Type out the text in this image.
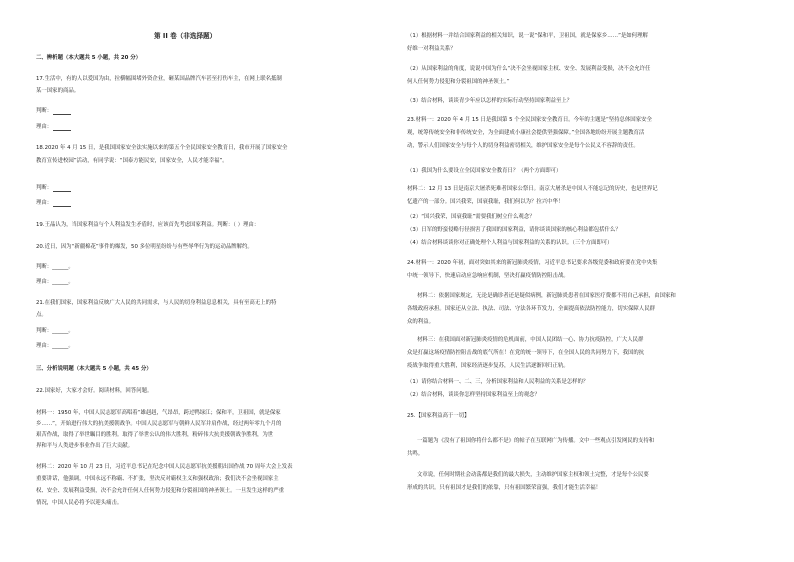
第 II 卷（非选择题）
二、辨析题（本大题共 5 小题，共 20 分）
17.生活中，有的人以爱国为由，拉横幅围堵外资企业，砸某国品牌汽车甚至打伤车主，在网上联名抵制
某一国家的商品。
判断：
理由：
18.2020 年 4 月 15 日，是我国国家安全法实施以来的第五个全民国家安全教育日，我市开展了国家安全
教育宣传进校园”活动，有同学说：“国泰方能民安，国家安全，人民才能幸福”。
判断：
理由：
19.王晶认为，当国家利益与个人利益发生矛盾时，应该首先考虑国家利益。判断：（ ）理由：
20.近日，因为“新疆棉花”事件的爆发，50 多位明星纷纷与有些辱华行为的运动品牌解约。
判断：______。
理由：______。
21.在我们国家，国家利益反映广大人民的共同需求，与人民的切身利益息息相关，具有至高无上的特
点。
判断：______。
理由：______。
三、分析说明题（本大题共 5 小题，共 45 分）
22.国家好，大家才会好。阅读材料，回答问题。
材料一：1950 年，中国人民志愿军高唱着“雄赳赳，气昂昂，跨过鸭绿江；保和平，卫祖国，就是保家
乡……”，开始进行伟大的抗美援朝战争。中国人民志愿军与朝鲜人民军并肩作战，经过两年零九个月的
艰苦作战，取得了举世瞩目的胜利。取得了举世公认的伟大胜利，粉碎伟大抗美援朝战争胜利，为世
界和平与人类进步事业作出了巨大贡献。
材料二：2020 年 10 月 23 日，习近平总书记在纪念中国人民志愿军抗美援朝出国作战 70 周年大会上发表
重要讲话，他强调，中国永远不称霸、不扩张，坚决反对霸权主义和强权政治；我们决不会坐视国家主
权、安全、发展利益受损，决不会允许任何人任何势力侵犯和分裂祖国的神圣领土。一旦发生这样的严重
情况，中国人民必将予以迎头痛击。
（1）根据材料一并结合国家利益的相关知识，说一说“保和平，卫祖国，就是保家乡……”是如何理解
好维一对利益关系？
（2）从国家利益的角度，说说中国为什么“决不会坐视国家主权、安全、发展利益受损，决不会允许任
何人任何势力侵犯和分裂祖国的神圣领土。”
（3）结合材料，谈谈青少年应以怎样的实际行动坚持国家利益至上？
23.材料一：2020 年 4 月 15 日是我国第 5 个全民国家安全教育日。今年的主题是“坚持总体国家安全
观，统筹传统安全和非传统安全，为全面建成小康社会提供坚强保障。”全国各地纷纷开展主题教育活
动，警示人们国家安全与每个人的切身利益密切相关，维护国家安全是每个公民义不容辞的责任。
（1）我国为什么要设立全民国家安全教育日？（两个方面即可）
材料二：12 月 13 日是南京大屠杀死难者国家公祭日。南京大屠杀是中国人不能忘记的历史，也是世界记
忆遗产的一部分。国兴我荣，国衰我耻，我们何以为？拉兴中华！
（2）“国兴我荣，国衰我耻”需要我们树立什么观念？
（3）日军的野蛮侵略行径损害了我国的国家利益，请你谈谈国家的核心利益都包括什么？
（4）结合材料谈谈你对正确处理个人利益与国家利益的关系的认识。（三个方面即可）
24.材料一：2020 年初，面对突如其来的新冠肺炎疫情，习近平总书记要求各级党委和政府要在党中央集
中统一领导下，快速启动应急响应机制，坚决打赢疫情防控阻击战。
材料二：依据国家规定，无论是确诊者还是疑似病例，新冠肺炎患者在国家医疗费都不用自己承担，由国家和
各级政府承担。国家还从立法、执法、司法、守法各环节发力，全面提高依法防控能力，切实保障人民群
众的利益。
材料三：在我国面对新冠肺炎疫情的危机面前，中国人民团结一心、协力抗疫防控，广大人民群
众是打赢这场疫情防控阻击战的底气所在！在党的统一领导下，在全国人民的共同努力下，我国的抗
疫战争取得重大胜利，国家经济逐步复苏，人民生活逐渐回归正轨。
（1）请你结合材料一、二、三，分析国家利益和人民利益的关系是怎样的？
（2）结合材料，谈谈你怎样坚持国家利益至上的观念？
25.【国家利益高于一切】
一篇题为《没有了祖国你将什么都不是》的帖子在互联网广为传播。文中一些观点引发网民的支持和
共鸣。
文章说，任何时期社会动荡都是我们的最大损失，主动维护国家主权和领土完整，才是每个公民要
形成的共识。只有祖国才是我们的依靠，只有祖国繁荣富强，我们才能生活幸福！
